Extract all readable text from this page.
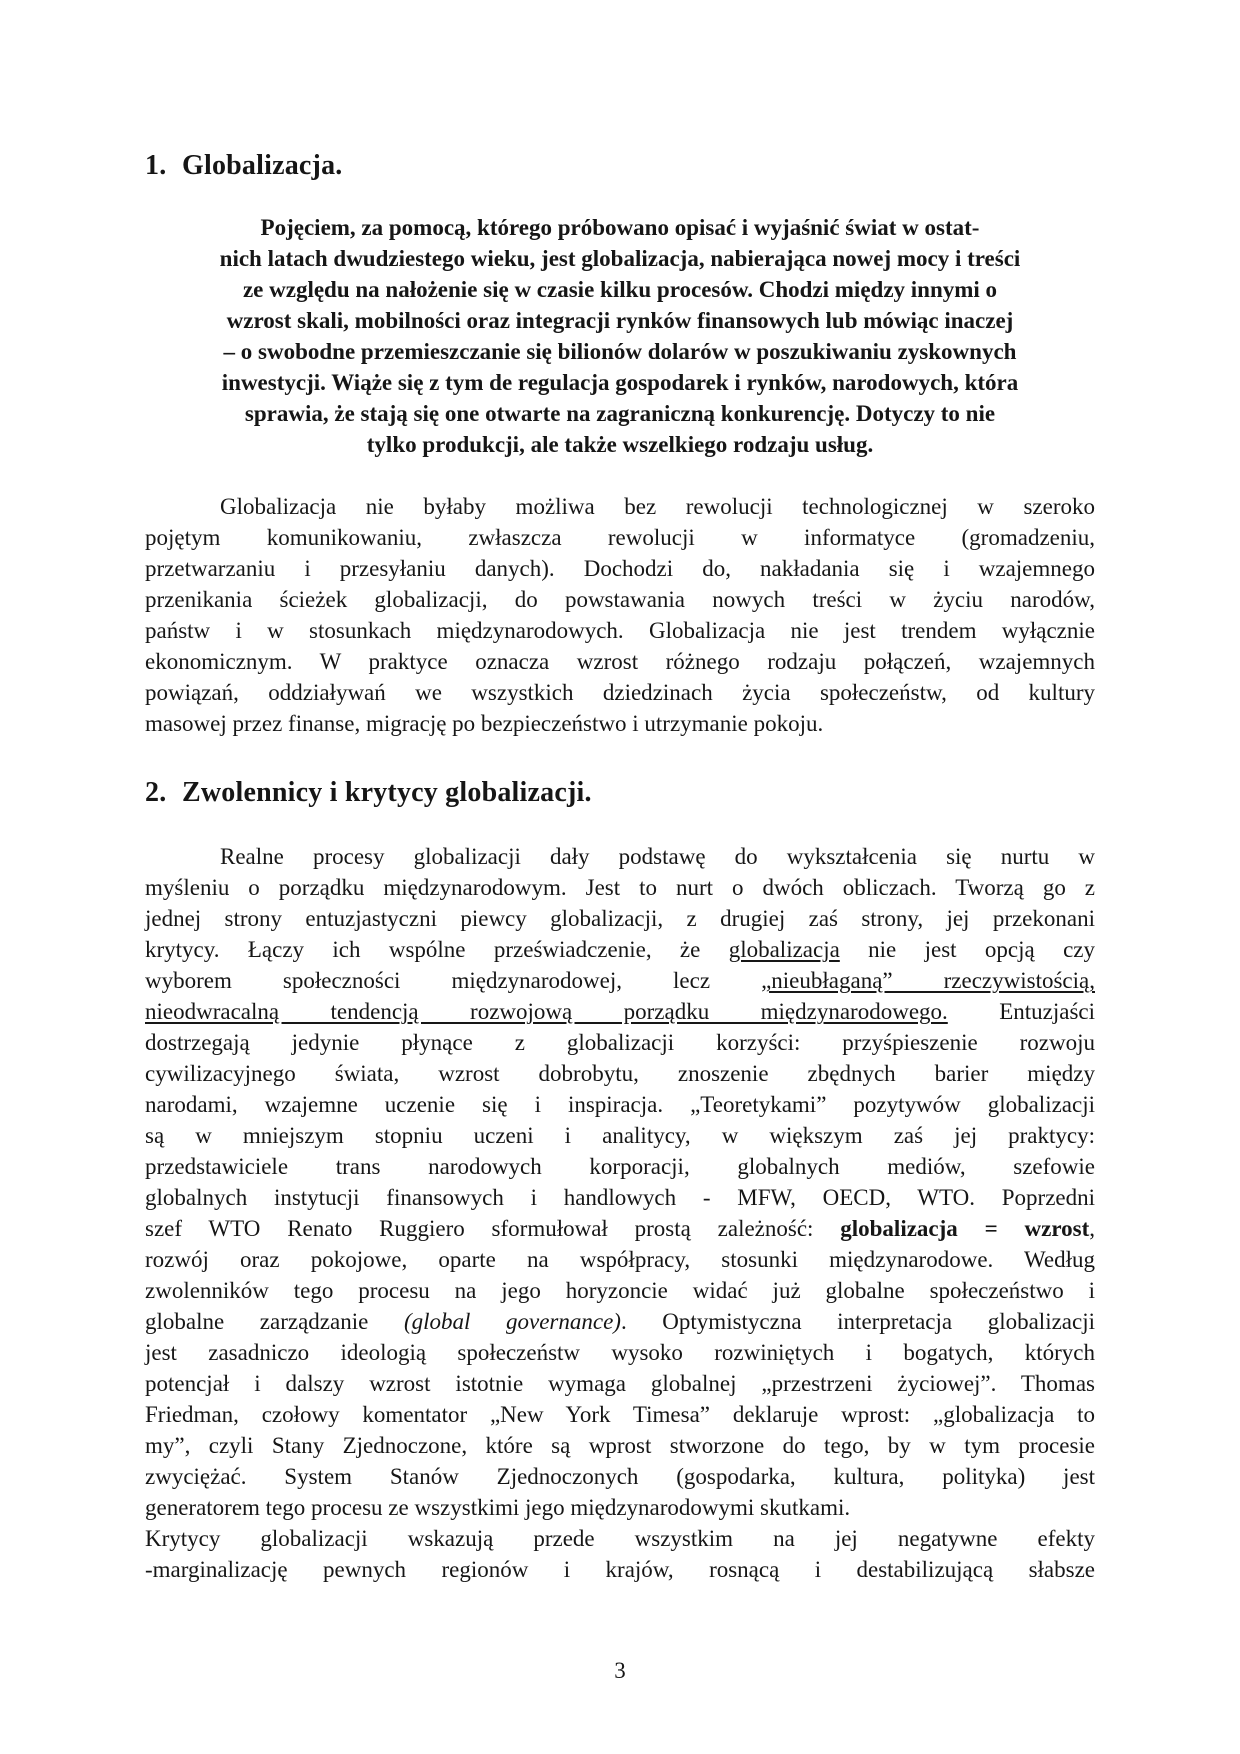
1. Globalizacja.
Pojęciem, za pomocą, którego próbowano opisać i wyjaśnić świat w ostat-
nich latach dwudziestego wieku, jest globalizacja, nabierająca nowej mocy i treści
ze względu na nałożenie się w czasie kilku procesów. Chodzi między innymi o
wzrost skali, mobilności oraz integracji rynków finansowych lub mówiąc inaczej
– o swobodne przemieszczanie się bilionów dolarów w poszukiwaniu zyskownych
inwestycji. Wiąże się z tym de regulacja gospodarek i rynków, narodowych, która
sprawia, że stają się one otwarte na zagraniczną konkurencję. Dotyczy to nie
tylko produkcji, ale także wszelkiego rodzaju usług.
Globalizacja nie byłaby możliwa bez rewolucji technologicznej w szeroko
pojętym komunikowaniu, zwłaszcza rewolucji w informatyce (gromadzeniu,
przetwarzaniu i przesyłaniu danych). Dochodzi do, nakładania się i wzajemnego
przenikania ścieżek globalizacji, do powstawania nowych treści w życiu narodów,
państw i w stosunkach międzynarodowych. Globalizacja nie jest trendem wyłącznie
ekonomicznym. W praktyce oznacza wzrost różnego rodzaju połączeń, wzajemnych
powiązań, oddziaływań we wszystkich dziedzinach życia społeczeństw, od kultury
masowej przez finanse, migrację po bezpieczeństwo i utrzymanie pokoju.
2. Zwolennicy i krytycy globalizacji.
Realne procesy globalizacji dały podstawę do wykształcenia się nurtu w
myśleniu o porządku międzynarodowym. Jest to nurt o dwóch obliczach. Tworzą go z
jednej strony entuzjastyczni piewcy globalizacji, z drugiej zaś strony, jej przekonani
krytycy. Łączy ich wspólne przeświadczenie, że globalizacja nie jest opcją czy
wyborem społeczności międzynarodowej, lecz „nieubłaganą” rzeczywistością,
nieodwracalną tendencją rozwojową porządku międzynarodowego. Entuzjaści
dostrzegają jedynie płynące z globalizacji korzyści: przyśpieszenie rozwoju
cywilizacyjnego świata, wzrost dobrobytu, znoszenie zbędnych barier między
narodami, wzajemne uczenie się i inspiracja. „Teoretykami” pozytywów globalizacji
są w mniejszym stopniu uczeni i analitycy, w większym zaś jej praktycy:
przedstawiciele trans narodowych korporacji, globalnych mediów, szefowie
globalnych instytucji finansowych i handlowych - MFW, OECD, WTO. Poprzedni
szef WTO Renato Ruggiero sformułował prostą zależność: globalizacja = wzrost,
rozwój oraz pokojowe, oparte na współpracy, stosunki międzynarodowe. Według
zwolenników tego procesu na jego horyzoncie widać już globalne społeczeństwo i
globalne zarządzanie (global governance). Optymistyczna interpretacja globalizacji
jest zasadniczo ideologią społeczeństw wysoko rozwiniętych i bogatych, których
potencjał i dalszy wzrost istotnie wymaga globalnej „przestrzeni życiowej”. Thomas
Friedman, czołowy komentator „New York Timesa” deklaruje wprost: „globalizacja to
my”, czyli Stany Zjednoczone, które są wprost stworzone do tego, by w tym procesie
zwyciężać. System Stanów Zjednoczonych (gospodarka, kultura, polityka) jest
generatorem tego procesu ze wszystkimi jego międzynarodowymi skutkami.
Krytycy globalizacji wskazują przede wszystkim na jej negatywne efekty
-marginalizację pewnych regionów i krajów, rosnącą i destabilizującą słabsze
3
